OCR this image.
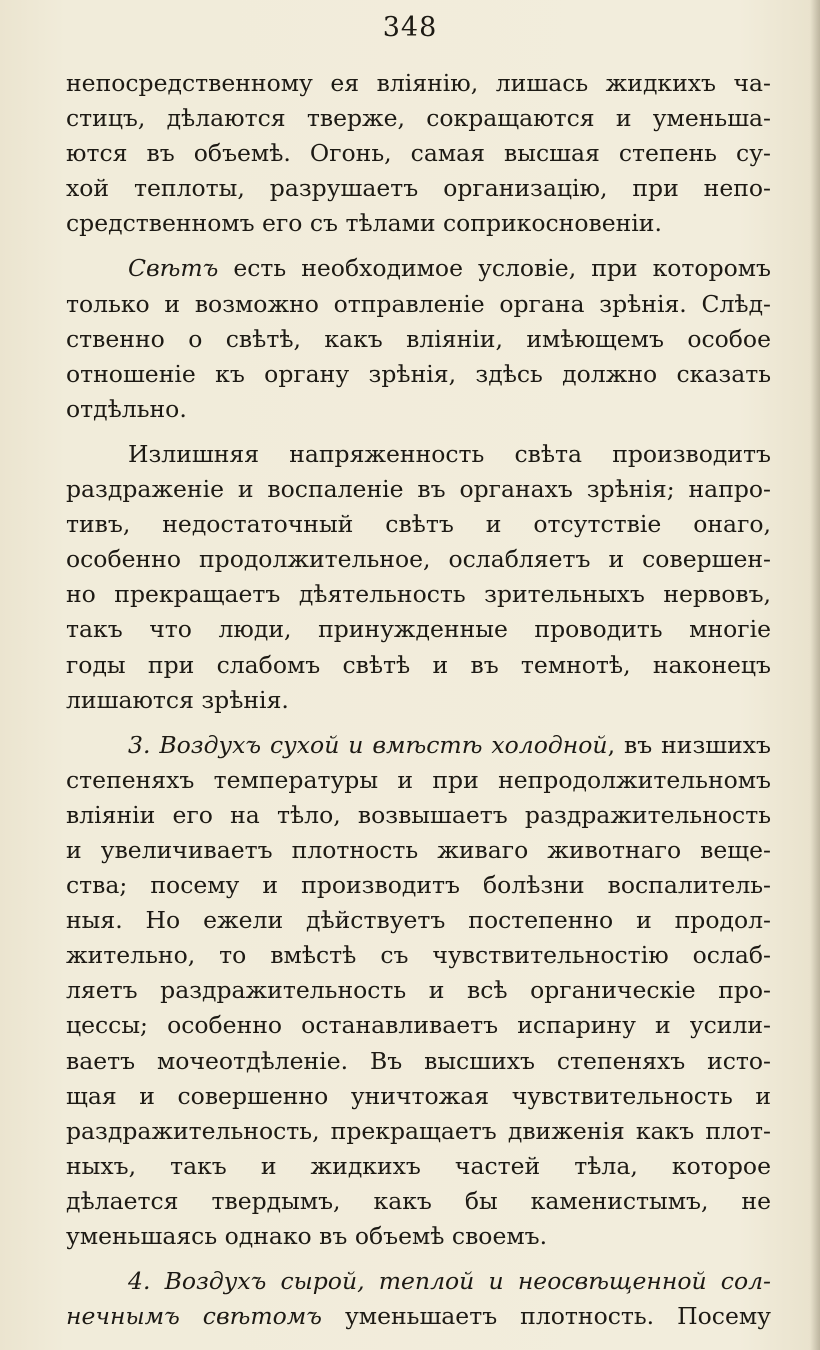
348
непосредственному ея вліянію, лишась жидкихъ ча-
стицъ, дѣлаются тверже, сокращаются и уменьша-
ются въ объемѣ. Огонь, самая высшая степень су-
хой теплоты, разрушаетъ организацію, при непо-
средственномъ его съ тѣлами соприкосновеніи.
Свѣтъ есть необходимое условіе, при которомъ
только и возможно отправленіе органа зрѣнія. Слѣд-
ственно о свѣтѣ, какъ вліяніи, имѣющемъ особое
отношеніе къ органу зрѣнія, здѣсь должно сказать
отдѣльно.
Излишняя напряженность свѣта производитъ
раздраженіе и воспаленіе въ органахъ зрѣнія; напро-
тивъ, недостаточный свѣтъ и отсутствіе онаго,
особенно продолжительное, ослабляетъ и совершен-
но прекращаетъ дѣятельность зрительныхъ нервовъ,
такъ что люди, принужденные проводить многіе
годы при слабомъ свѣтѣ и въ темнотѣ, наконецъ
лишаются зрѣнія.
3. Воздухъ сухой и вмѣстѣ холодной, въ низшихъ
степеняхъ температуры и при непродолжительномъ
вліяніи его на тѣло, возвышаетъ раздражительность
и увеличиваетъ плотность живаго животнаго веще-
ства; посему и производитъ болѣзни воспалитель-
ныя. Но ежели дѣйствуетъ постепенно и продол-
жительно, то вмѣстѣ съ чувствительностію ослаб-
ляетъ раздражительность и всѣ органическіе про-
цессы; особенно останавливаетъ испарину и усили-
ваетъ мочеотдѣленіе. Въ высшихъ степеняхъ исто-
щая и совершенно уничтожая чувствительность и
раздражительность, прекращаетъ движенія какъ плот-
ныхъ, такъ и жидкихъ частей тѣла, которое
дѣлается твердымъ, какъ бы каменистымъ, не
уменьшаясь однако въ объемѣ своемъ.
4. Воздухъ сырой, теплой и неосвѣщенной сол-
нечнымъ свѣтомъ уменьшаетъ плотность. Посему
